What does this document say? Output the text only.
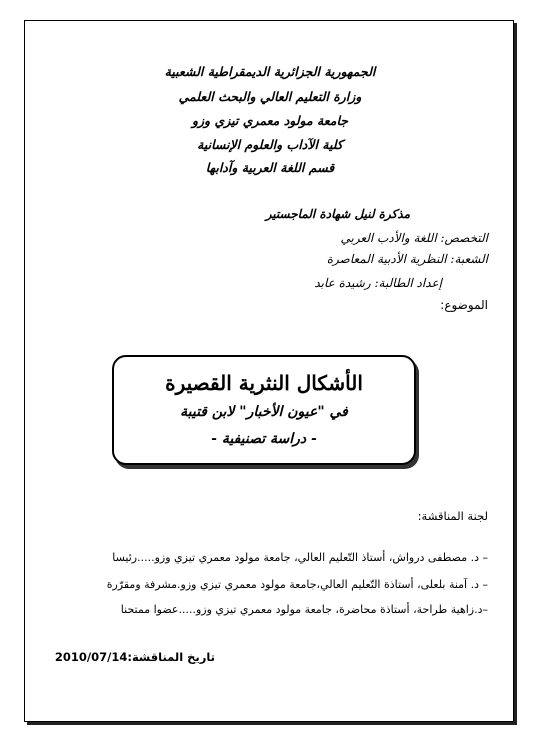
الجمهورية الجزائرية الديمقراطية الشعبية
وزارة التعليم العالي والبحث العلمي
جامعة مولود معمري تيزي وزو
كلية الآداب والعلوم الإنسانية
قسم اللغة العربية وآدابها
مذكرة لنيل شهادة الماجستير
التخصص: اللغة والأدب العربي
الشعبة: النظرية الأدبية المعاصرة
إعداد الطالبة: رشيدة عابد
الموضوع:
الأشكال النثرية القصيرة
في "عيون الأخبار" لابن قتيبة
- دراسة تصنيفية -
لجنة المناقشة:
– د. مصطفى درواش، أستاذ التّعليم العالي، جامعة مولود معمري تيزي وزو.....رئيسا
– د. آمنة بلعلى، أستاذة التّعليم العالي،جامعة مولود معمري تيزي وزو.مشرفة ومقرّرة
–د.زاهية طراحة، أستاذة محاضرة، جامعة مولود معمري تيزي وزو.....عضوا ممتحنا
تاريخ المناقشة:2010/07/14
